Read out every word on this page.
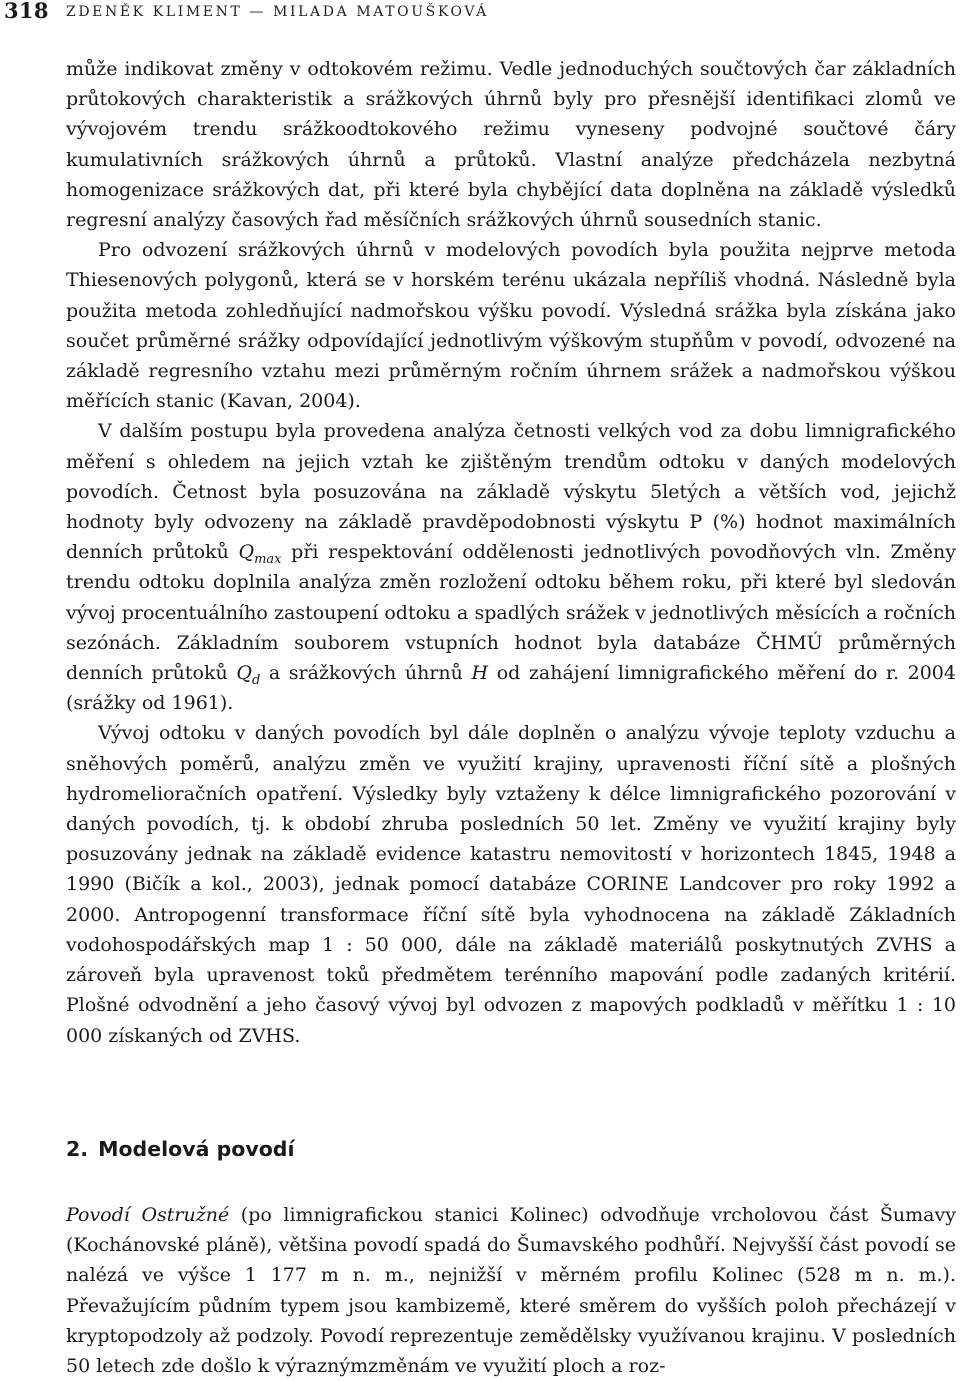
318 ZDENĚK KLIMENT — MILADA MATOUŠKOVÁ

může indikovat změny v odtokovém režimu. Vedle jednoduchých součtových čar základních průtokových charakteristik a srážkových úhrnů byly pro přesnější identifikaci zlomů ve vývojovém trendu srážkoodtokového režimu vyneseny podvojné součtové čáry kumulativních srážkových úhrnů a průtoků. Vlastní analýze předcházela nezbytná homogenizace srážkových dat, při které byla chybějící data doplněna na základě výsledků regresní analýzy časových řad měsíčních srážkových úhrnů sousedních stanic.

Pro odvození srážkových úhrnů v modelových povodích byla použita nejprve metoda Thiesenových polygonů, která se v horském terénu ukázala nepříliš vhodná. Následně byla použita metoda zohledňující nadmořskou výšku povodí. Výsledná srážka byla získána jako součet průměrné srážky odpovídající jednotlivým výškovým stupňům v povodí, odvozené na základě regresního vztahu mezi průměrným ročním úhrnem srážek a nadmořskou výškou měřících stanic (Kavan, 2004).

V dalším postupu byla provedena analýza četnosti velkých vod za dobu limnigrafického měření s ohledem na jejich vztah ke zjištěným trendům odtoku v daných modelových povodích. Četnost byla posuzována na základě výskytu 5letých a větších vod, jejichž hodnoty byly odvozeny na základě pravděpodobnosti výskytu P (%) hodnot maximálních denních průtoků $Q_{max}$ při respektování oddělenosti jednotlivých povodňových vln. Změny trendu odtoku doplnila analýza změn rozložení odtoku během roku, při které byl sledován vývoj procentuálního zastoupení odtoku a spadlých srážek v jednotlivých měsících a ročních sezónách. Základním souborem vstupních hodnot byla databáze ČHMÚ průměrných denních průtoků $Q_d$ a srážkových úhrnů H od zahájení limnigrafického měření do r. 2004 (srážky od 1961).

Vývoj odtoku v daných povodích byl dále doplněn o analýzu vývoje teploty vzduchu a sněhových poměrů, analýzu změn ve využití krajiny, upravenosti říční sítě a plošných hydromelioračních opatření. Výsledky byly vztaženy k délce limnigrafického pozorování v daných povodích, tj. k období zhruba posledních 50 let. Změny ve využití krajiny byly posuzovány jednak na základě evidence katastru nemovitostí v horizontech 1845, 1948 a 1990 (Bičík a kol., 2003), jednak pomocí databáze CORINE Landcover pro roky 1992 a 2000. Antropogenní transformace říční sítě byla vyhodnocena na základě Základních vodohospodářských map 1 : 50 000, dále na základě materiálů poskytnutých ZVHS a zároveň byla upravenost toků předmětem terénního mapování podle zadaných kritérií. Plošné odvodnění a jeho časový vývoj byl odvozen z mapových podkladů v měřítku 1 : 10 000 získaných od ZVHS.

2. Modelová povodí

Povodí Ostružné (po limnigrafickou stanici Kolinec) odvodňuje vrcholovou část Šumavy (Kochánovské pláně), většina povodí spadá do Šumavského podhůří. Nejvyšší část povodí se nalézá ve výšce 1 177 m n. m., nejnižší v měrném profilu Kolinec (528 m n. m.). Převažujícím půdním typem jsou kambizemě, které směrem do vyšších poloh přecházejí v kryptopodzoly až podzoly. Povodí reprezentuje zemědělsky využívanou krajinu. V posledních 50 letech zde došlo k výraznýmzměnám ve využití ploch a roz-
